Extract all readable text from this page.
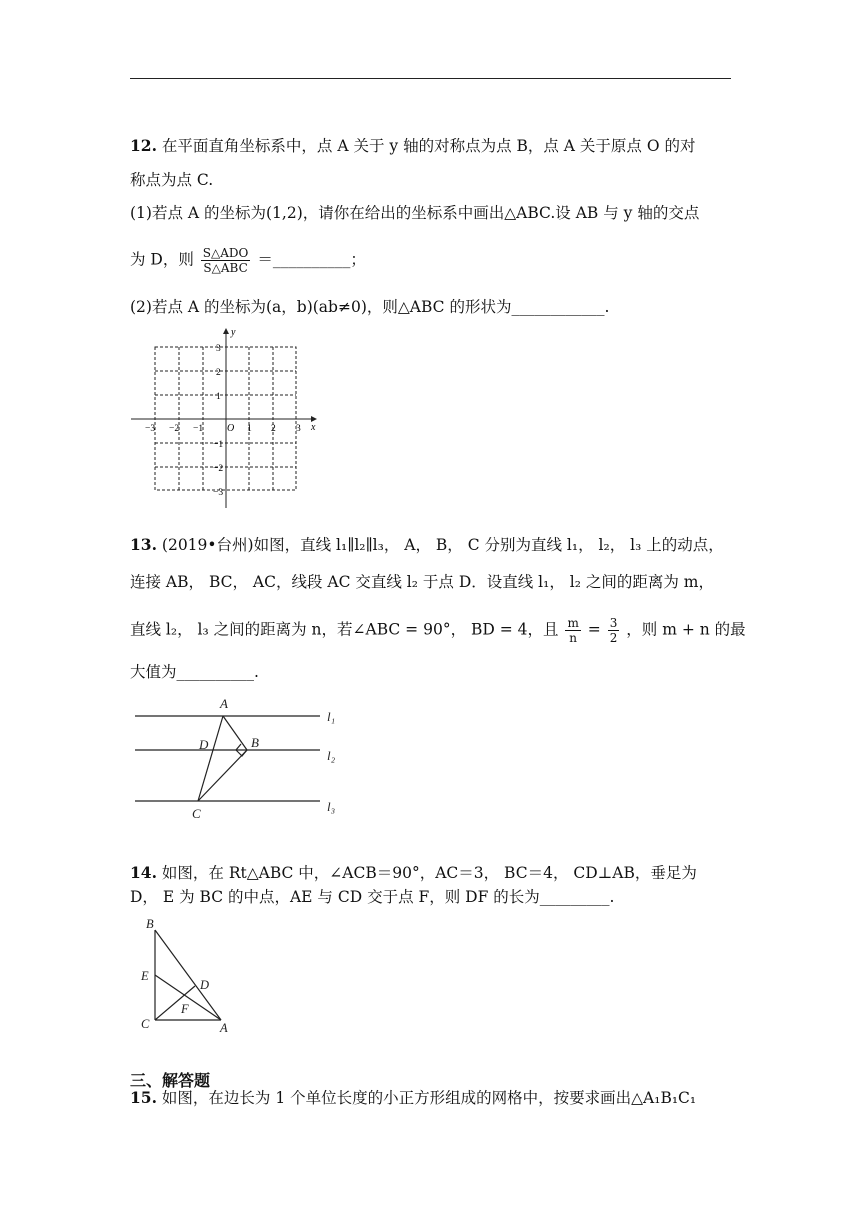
12. 在平面直角坐标系中，点 A 关于 y 轴的对称点为点 B，点 A 关于原点 O 的对
称点为点 C.
(1)若点 A 的坐标为(1,2)，请你在给出的坐标系中画出△ABC.设 AB 与 y 轴的交点
为 D，则 $\frac{\text{S△ADO}}{\text{S△ABC}}$ ＝__________；
(2)若点 A 的坐标为(a，b)(ab≠0)，则△ABC 的形状为____________.
y
x
O
−3 −2 −1	1 2 3
3
2
1
−1
−2
−3
13. (2019•台州)如图，直线 l₁∥l₂∥l₃， A， B， C 分别为直线 l₁， l₂， l₃ 上的动点，
连接 AB， BC， AC，线段 AC 交直线 l₂ 于点 D．设直线 l₁， l₂ 之间的距离为 m，
直线 l₂， l₃ 之间的距离为 n，若∠ABC = 90°， BD = 4，且 $\frac{m}{n} = \frac{3}{2}$ ，则 m + n 的最
大值为__________.
A
B
C
D
l₁
l₂
l₃
14. 如图，在 Rt△ABC 中，∠ACB＝90°，AC＝3， BC＝4， CD⊥AB，垂足为
D， E 为 BC 的中点，AE 与 CD 交于点 F，则 DF 的长为_________.
B
E
D
F
C	A
三、解答题
15. 如图，在边长为 1 个单位长度的小正方形组成的网格中，按要求画出△A₁B₁C₁
